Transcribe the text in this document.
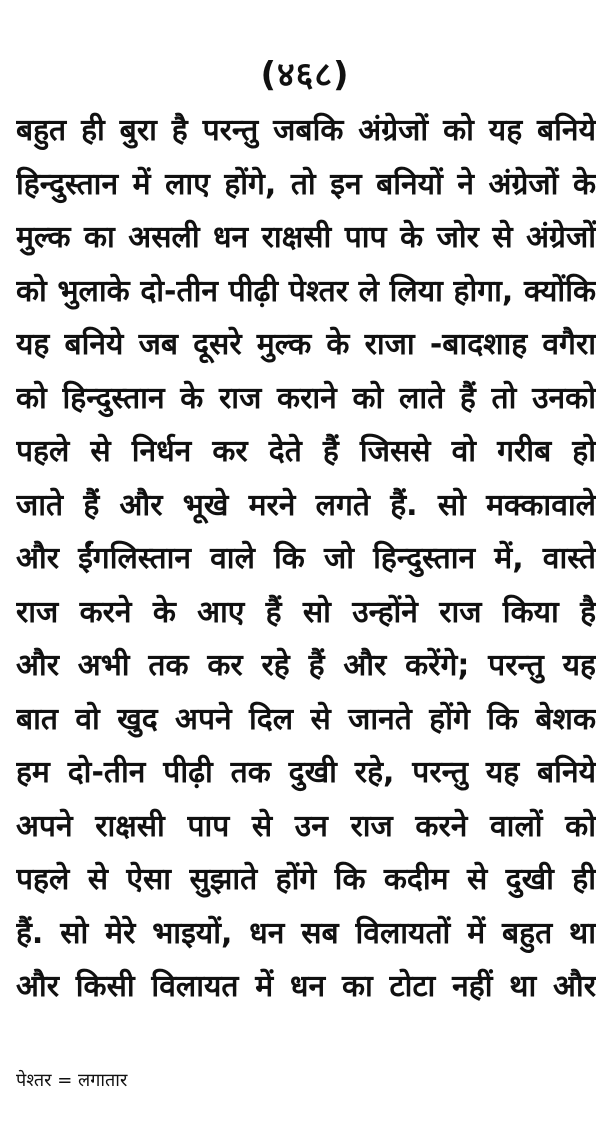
(४६८)
बहुत ही बुरा है परन्तु जबकि अंग्रेजों को यह बनिये
हिन्दुस्तान में लाए होंगे, तो इन बनियों ने अंग्रेजों के
मुल्क का असली धन राक्षसी पाप के जोर से अंग्रेजों
को भुलाके दो-तीन पीढ़ी पेश्तर ले लिया होगा, क्योंकि
यह बनिये जब दूसरे मुल्क के राजा -बादशाह वगैरा
को हिन्दुस्तान के राज कराने को लाते हैं तो उनको
पहले से निर्धन कर देते हैं जिससे वो गरीब हो
जाते हैं और भूखे मरने लगते हैं. सो मक्कावाले
और ईंगलिस्तान वाले कि जो हिन्दुस्तान में, वास्ते
राज करने के आए हैं सो उन्होंने राज किया है
और अभी तक कर रहे हैं और करेंगे; परन्तु यह
बात वो खुद अपने दिल से जानते होंगे कि बेशक
हम दो-तीन पीढ़ी तक दुखी रहे, परन्तु यह बनिये
अपने राक्षसी पाप से उन राज करने वालों को
पहले से ऐसा सुझाते होंगे कि कदीम से दुखी ही
हैं. सो मेरे भाइयों, धन सब विलायतों में बहुत था
और किसी विलायत में धन का टोटा नहीं था और
पेश्तर = लगातार
